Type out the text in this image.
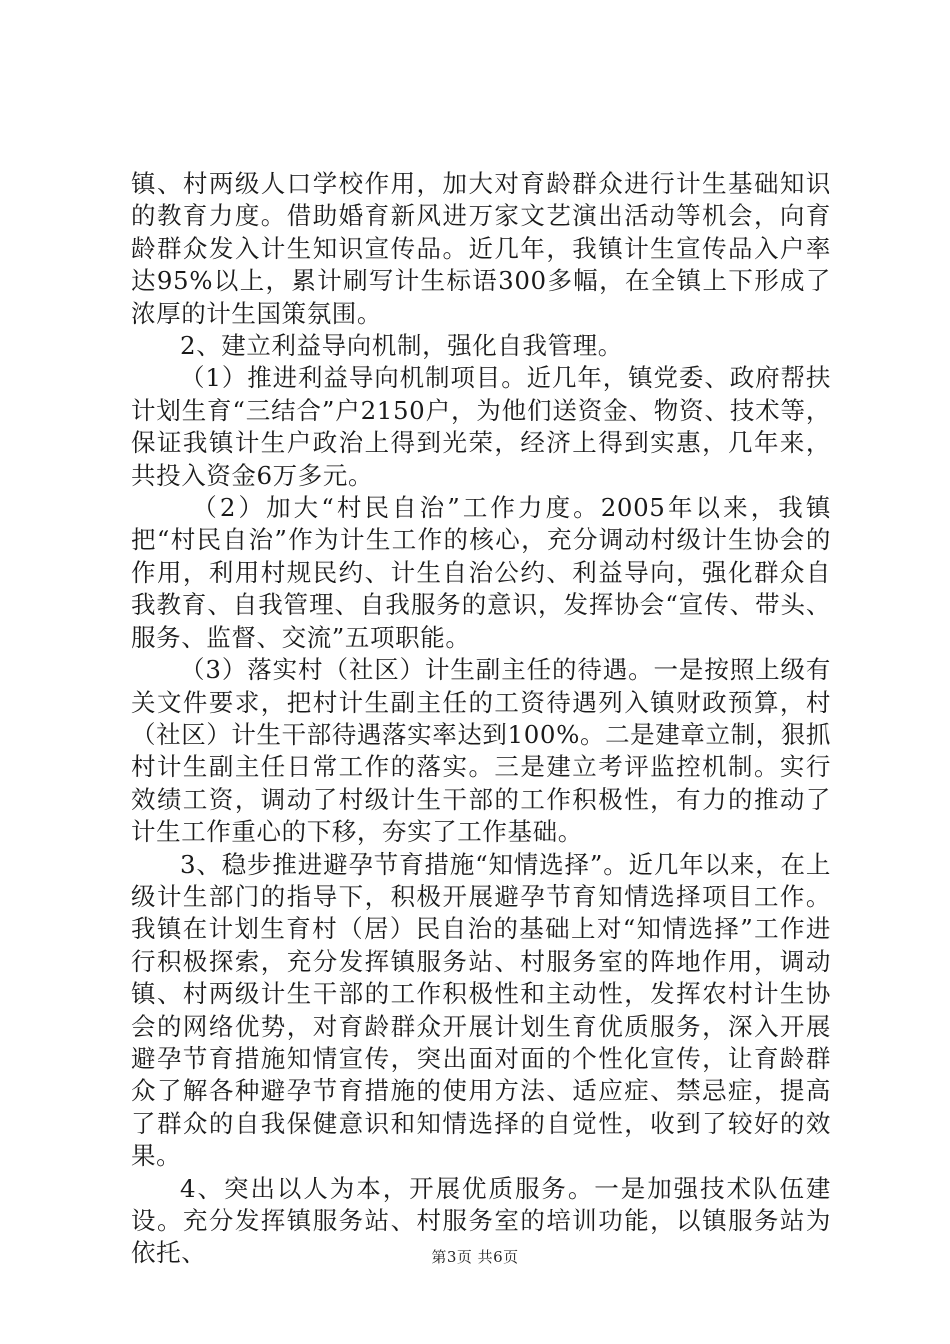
镇、村两级人口学校作用，加大对育龄群众进行计生基础知识的教育力度。借助婚育新风进万家文艺演出活动等机会，向育龄群众发入计生知识宣传品。近几年，我镇计生宣传品入户率达95%以上，累计刷写计生标语300多幅，在全镇上下形成了浓厚的计生国策氛围。

2、建立利益导向机制，强化自我管理。

（1）推进利益导向机制项目。近几年，镇党委、政府帮扶计划生育“三结合”户2150户，为他们送资金、物资、技术等，保证我镇计生户政治上得到光荣，经济上得到实惠，几年来，共投入资金6万多元。

（2）加大“村民自治”工作力度。2005年以来，我镇把“村民自治”作为计生工作的核心，充分调动村级计生协会的作用，利用村规民约、计生自治公约、利益导向，强化群众自我教育、自我管理、自我服务的意识，发挥协会“宣传、带头、服务、监督、交流”五项职能。

（3）落实村（社区）计生副主任的待遇。一是按照上级有关文件要求，把村计生副主任的工资待遇列入镇财政预算，村（社区）计生干部待遇落实率达到100%。二是建章立制，狠抓村计生副主任日常工作的落实。三是建立考评监控机制。实行效绩工资，调动了村级计生干部的工作积极性，有力的推动了计生工作重心的下移，夯实了工作基础。

3、稳步推进避孕节育措施“知情选择”。近几年以来，在上级计生部门的指导下，积极开展避孕节育知情选择项目工作。我镇在计划生育村（居）民自治的基础上对“知情选择”工作进行积极探索，充分发挥镇服务站、村服务室的阵地作用，调动镇、村两级计生干部的工作积极性和主动性，发挥农村计生协会的网络优势，对育龄群众开展计划生育优质服务，深入开展避孕节育措施知情宣传，突出面对面的个性化宣传，让育龄群众了解各种避孕节育措施的使用方法、适应症、禁忌症，提高了群众的自我保健意识和知情选择的自觉性，收到了较好的效果。

4、突出以人为本，开展优质服务。一是加强技术队伍建设。充分发挥镇服务站、村服务室的培训功能，以镇服务站为依托、	第3页 共6页
